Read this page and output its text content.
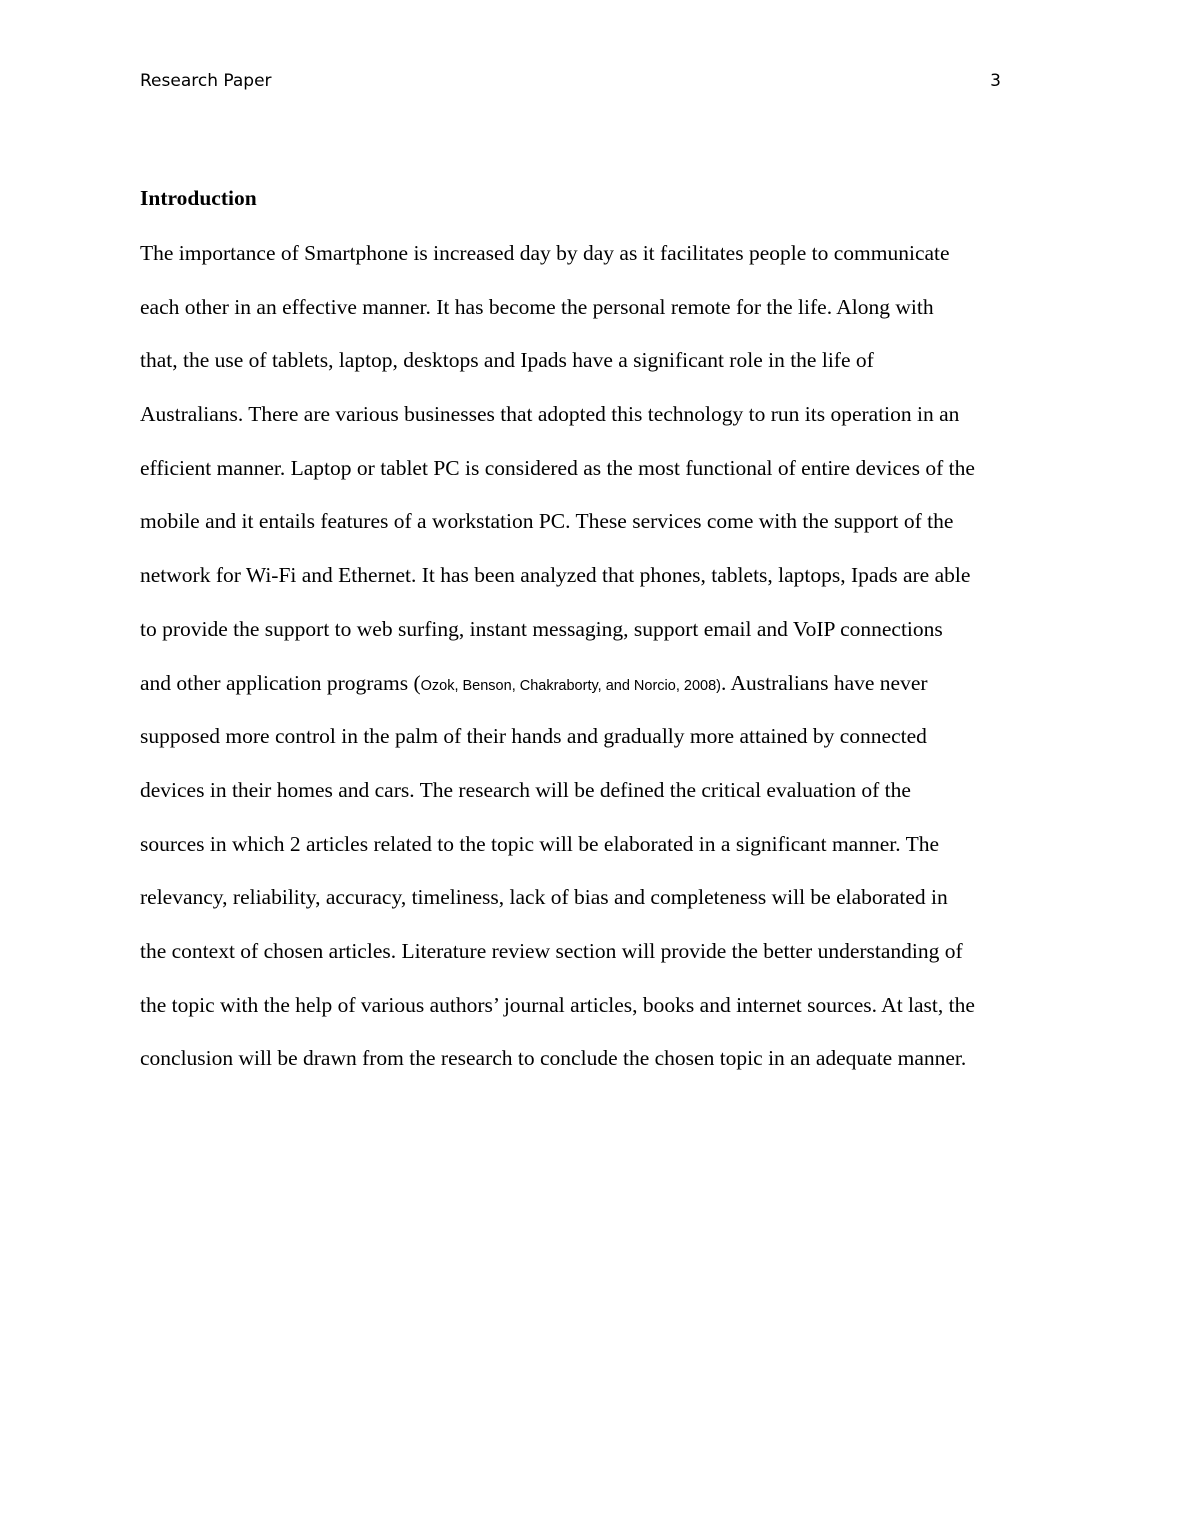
Research Paper	3
Introduction
The importance of Smartphone is increased day by day as it facilitates people to communicate
each other in an effective manner. It has become the personal remote for the life. Along with
that, the use of tablets, laptop, desktops and Ipads have a significant role in the life of
Australians. There are various businesses that adopted this technology to run its operation in an
efficient manner. Laptop or tablet PC is considered as the most functional of entire devices of the
mobile and it entails features of a workstation PC. These services come with the support of the
network for Wi-Fi and Ethernet. It has been analyzed that phones, tablets, laptops, Ipads are able
to provide the support to web surfing, instant messaging, support email and VoIP connections
and other application programs (Ozok, Benson, Chakraborty, and Norcio, 2008). Australians have never
supposed more control in the palm of their hands and gradually more attained by connected
devices in their homes and cars. The research will be defined the critical evaluation of the
sources in which 2 articles related to the topic will be elaborated in a significant manner. The
relevancy, reliability, accuracy, timeliness, lack of bias and completeness will be elaborated in
the context of chosen articles. Literature review section will provide the better understanding of
the topic with the help of various authors’ journal articles, books and internet sources. At last, the
conclusion will be drawn from the research to conclude the chosen topic in an adequate manner.
